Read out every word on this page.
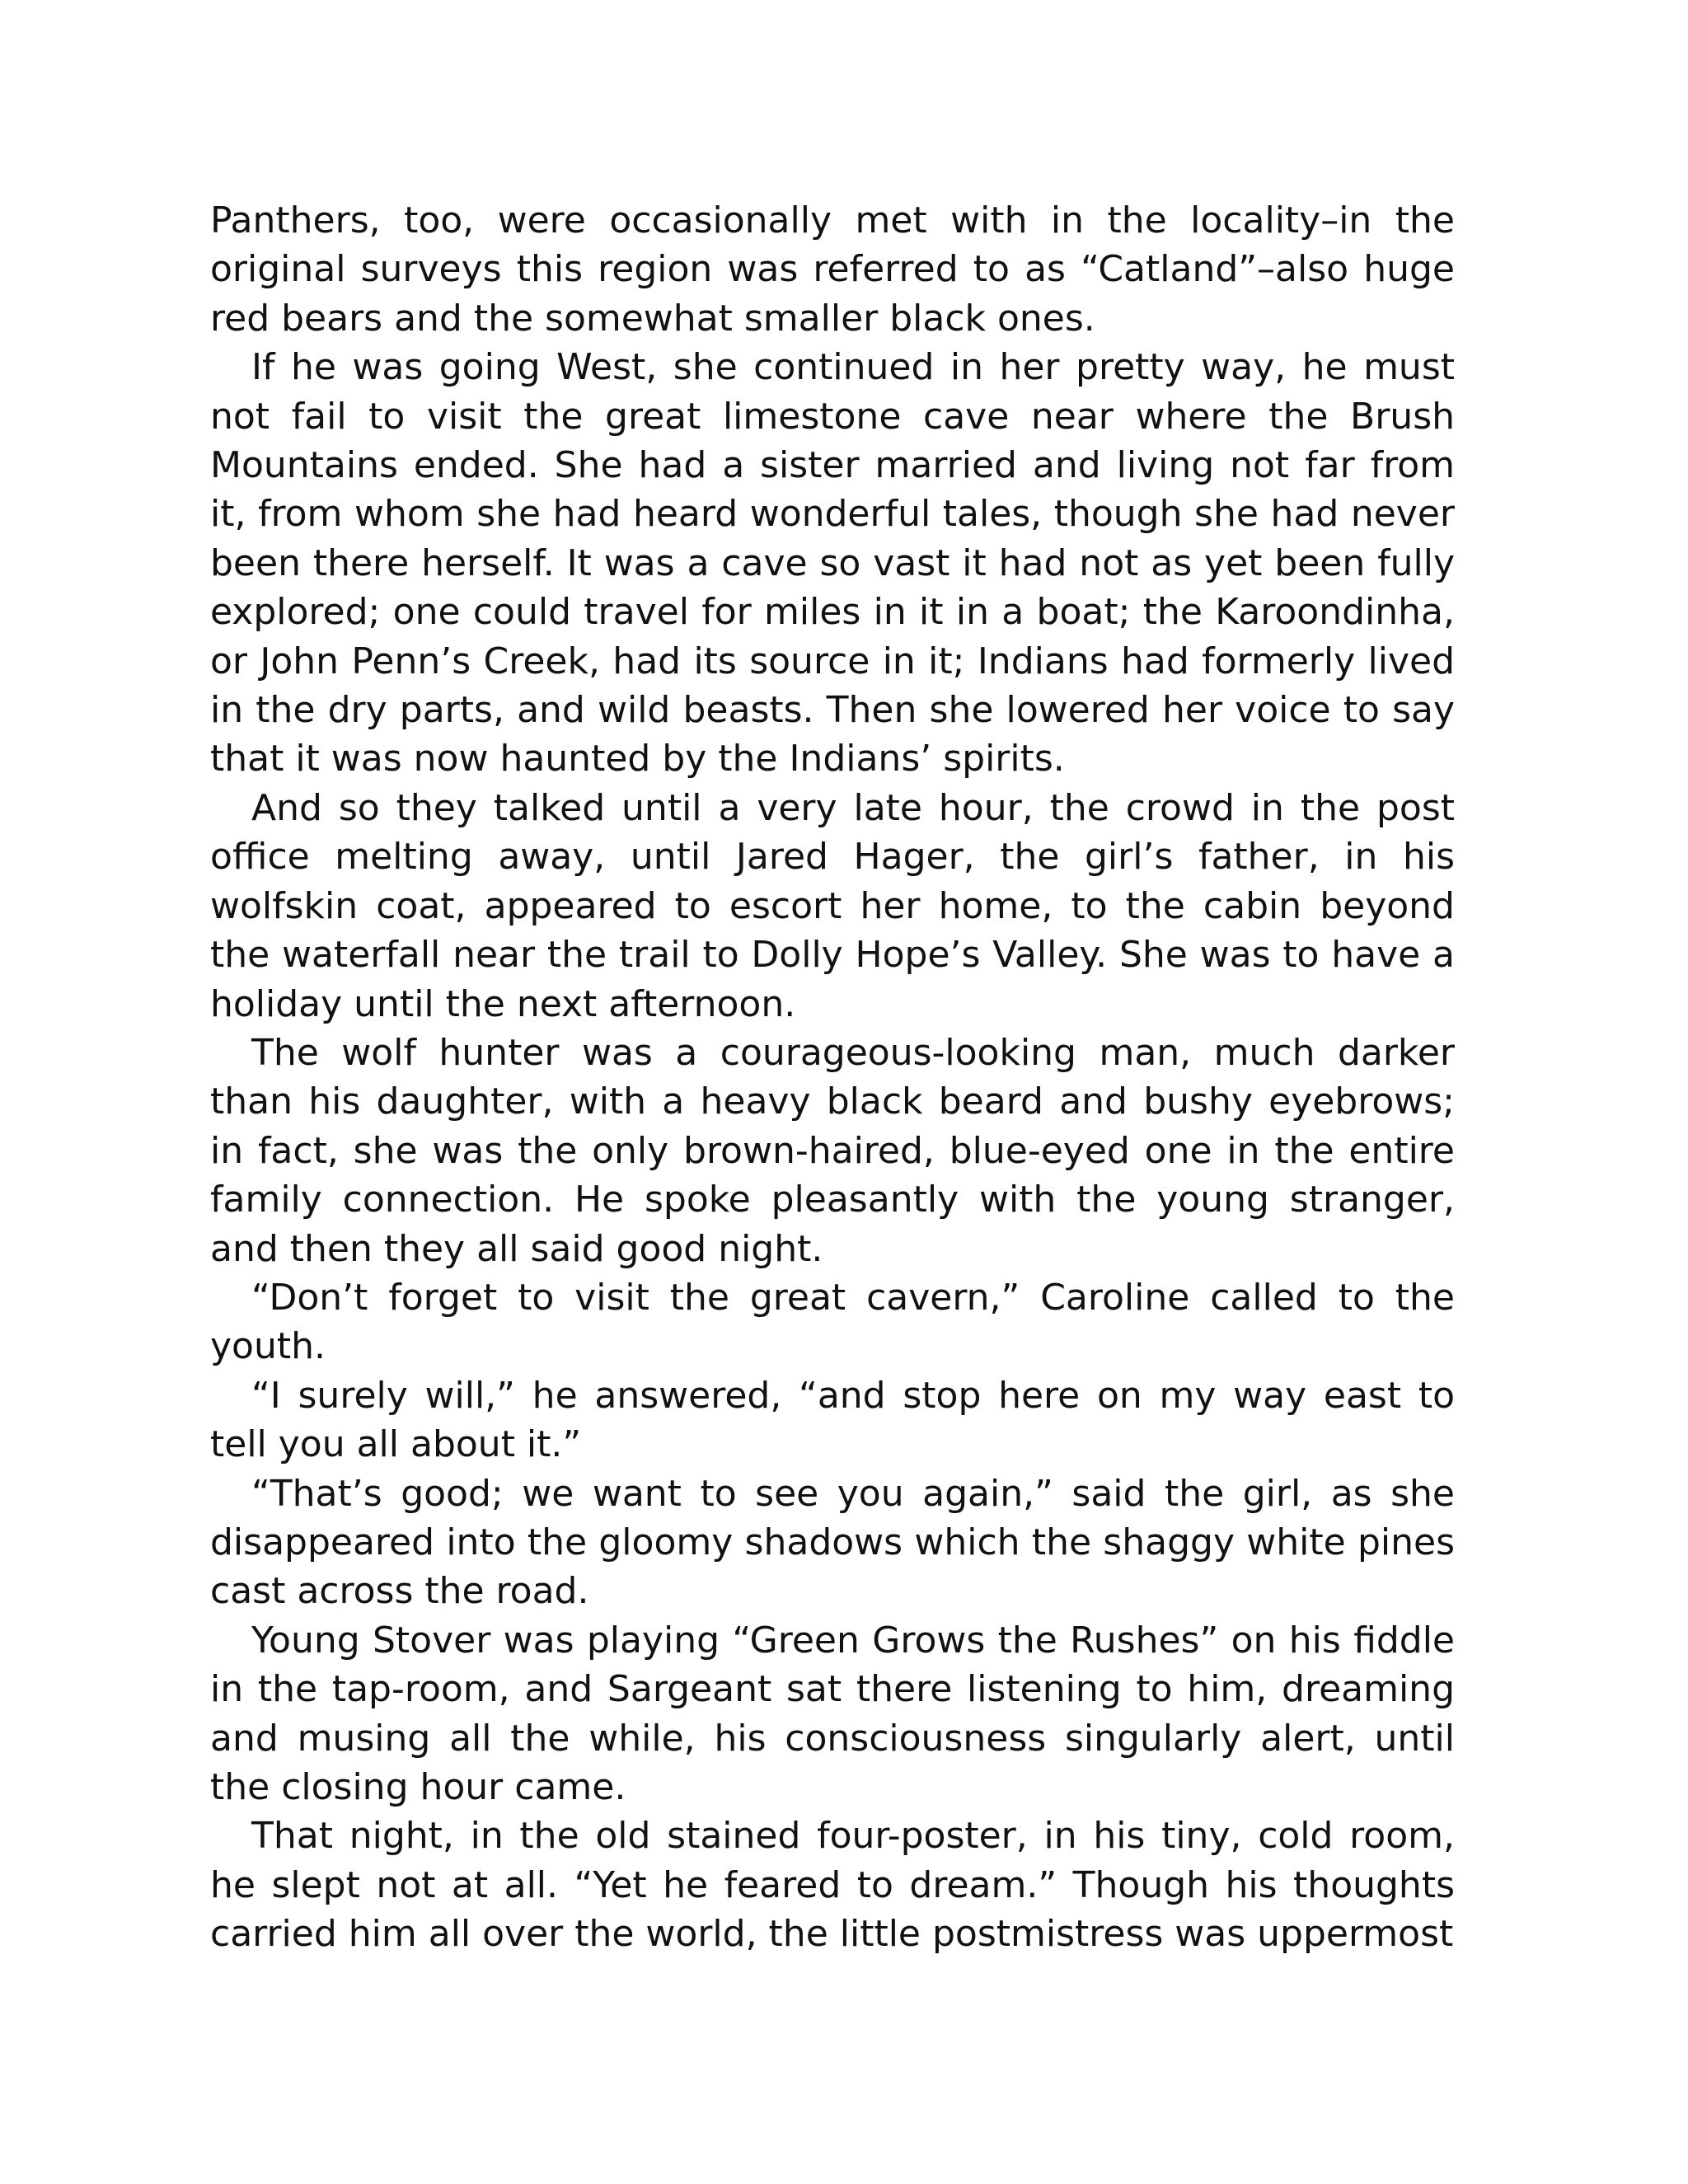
Panthers, too, were occasionally met with in the locality–in the original surveys this region was referred to as “Catland”–also huge red bears and the somewhat smaller black ones.

If he was going West, she continued in her pretty way, he must not fail to visit the great limestone cave near where the Brush Mountains ended. She had a sister married and living not far from it, from whom she had heard wonderful tales, though she had never been there herself. It was a cave so vast it had not as yet been fully explored; one could travel for miles in it in a boat; the Karoondinha, or John Penn’s Creek, had its source in it; Indians had formerly lived in the dry parts, and wild beasts. Then she lowered her voice to say that it was now haunted by the Indians’ spirits.

And so they talked until a very late hour, the crowd in the post office melting away, until Jared Hager, the girl’s father, in his wolfskin coat, appeared to escort her home, to the cabin beyond the waterfall near the trail to Dolly Hope’s Valley. She was to have a holiday until the next afternoon.

The wolf hunter was a courageous-looking man, much darker than his daughter, with a heavy black beard and bushy eyebrows; in fact, she was the only brown-haired, blue-eyed one in the entire family connection. He spoke pleasantly with the young stranger, and then they all said good night.

“Don’t forget to visit the great cavern,” Caroline called to the youth.

“I surely will,” he answered, “and stop here on my way east to tell you all about it.”

“That’s good; we want to see you again,” said the girl, as she disappeared into the gloomy shadows which the shaggy white pines cast across the road.

Young Stover was playing “Green Grows the Rushes” on his fiddle in the tap-room, and Sargeant sat there listening to him, dreaming and musing all the while, his consciousness singularly alert, until the closing hour came.

That night, in the old stained four-poster, in his tiny, cold room, he slept not at all. “Yet he feared to dream.” Though his thoughts carried him all over the world, the little postmistress was uppermost
